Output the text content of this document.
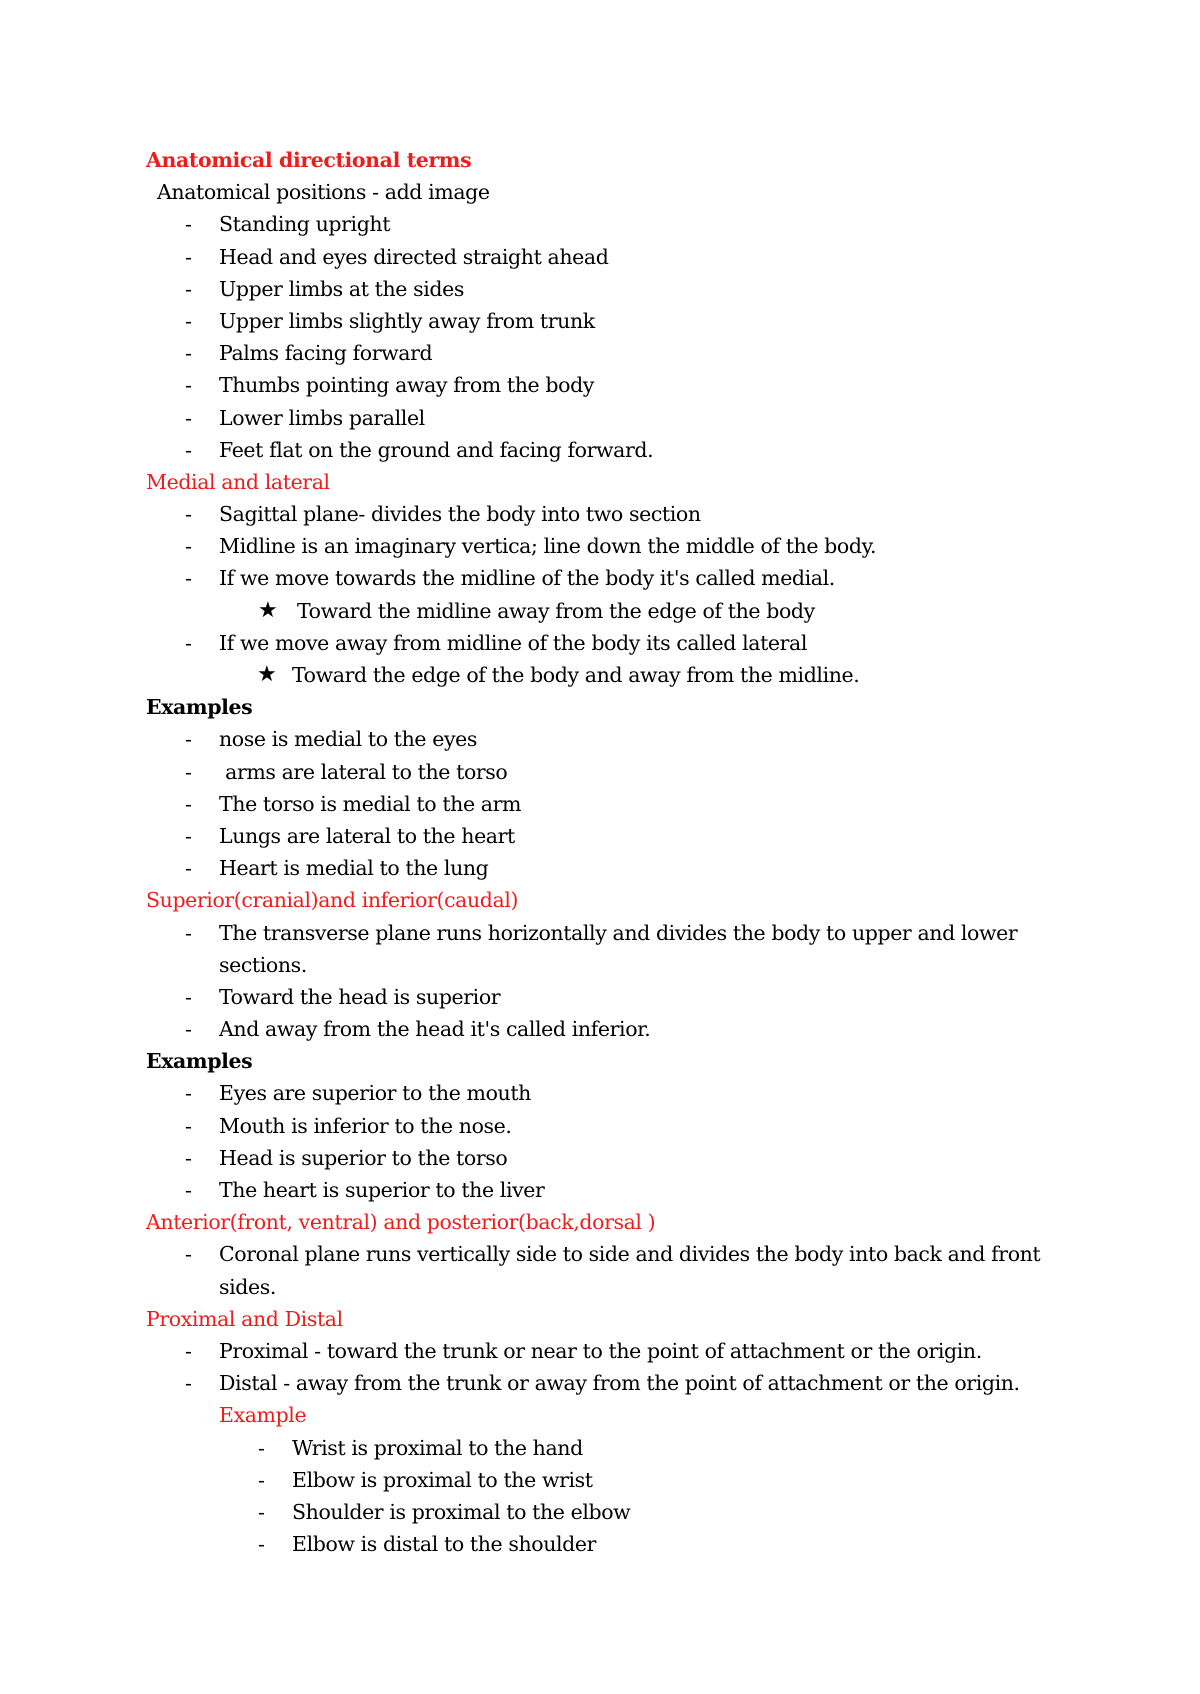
Anatomical directional terms
Anatomical positions - add image
- Standing upright
- Head and eyes directed straight ahead
- Upper limbs at the sides
- Upper limbs slightly away from trunk
- Palms facing forward
- Thumbs pointing away from the body
- Lower limbs parallel
- Feet flat on the ground and facing forward.
Medial and lateral
- Sagittal plane- divides the body into two section
- Midline is an imaginary vertica; line down the middle of the body.
- If we move towards the midline of the body it's called medial.
★ Toward the midline away from the edge of the body
- If we move away from midline of the body its called lateral
★ Toward the edge of the body and away from the midline.
Examples
- nose is medial to the eyes
- arms are lateral to the torso
- The torso is medial to the arm
- Lungs are lateral to the heart
- Heart is medial to the lung
Superior(cranial)and inferior(caudal)
- The transverse plane runs horizontally and divides the body to upper and lower
sections.
- Toward the head is superior
- And away from the head it's called inferior.
Examples
- Eyes are superior to the mouth
- Mouth is inferior to the nose.
- Head is superior to the torso
- The heart is superior to the liver
Anterior(front, ventral) and posterior(back,dorsal )
- Coronal plane runs vertically side to side and divides the body into back and front
sides.
Proximal and Distal
- Proximal - toward the trunk or near to the point of attachment or the origin.
- Distal - away from the trunk or away from the point of attachment or the origin.
Example
- Wrist is proximal to the hand
- Elbow is proximal to the wrist
- Shoulder is proximal to the elbow
- Elbow is distal to the shoulder
